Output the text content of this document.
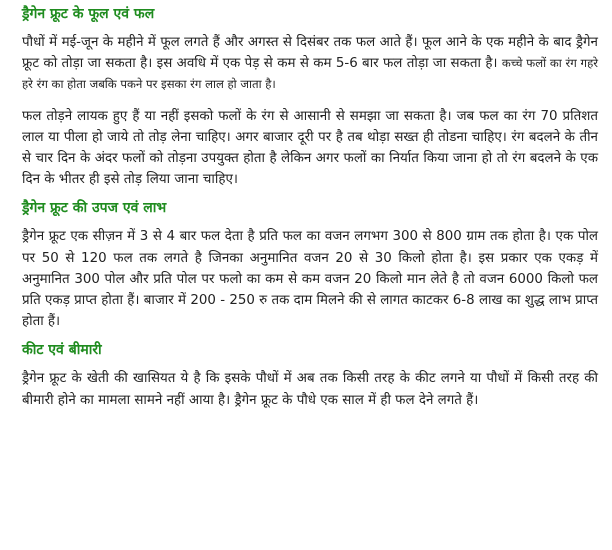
ड्रैगेन फ्रूट के फूल एवं फल

पौधों में मई-जून के महीने में फूल लगते हैं और अगस्त से दिसंबर तक फल आते हैं। फूल आने के एक महीने के बाद ड्रैगेन फ्रूट को तोड़ा जा सकता है। इस अवधि में एक पेड़ से कम से कम 5-6 बार फल तोड़ा जा सकता है। कच्चे फलों का रंग गहरे हरे रंग का होता जबकि पकने पर इसका रंग लाल हो जाता है।

फल तोड़ने लायक हुए हैं या नहीं इसको फलों के रंग से आसानी से समझा जा सकता है। जब फल का रंग 70 प्रतिशत लाल या पीला हो जाये तो तोड़ लेना चाहिए। अगर बाजार दूरी पर है तब थोड़ा सख्त ही तोडना चाहिए। रंग बदलने के तीन से चार दिन के अंदर फलों को तोड़ना उपयुक्त होता है लेकिन अगर फलों का निर्यात किया जाना हो तो रंग बदलने के एक दिन के भीतर ही इसे तोड़ लिया जाना चाहिए।

ड्रैगेन फ्रूट की उपज एवं लाभ

ड्रैगेन फ्रूट एक सीज़न में 3 से 4 बार फल देता है प्रति फल का वजन लगभग 300 से 800 ग्राम तक होता है। एक पोल पर 50 से 120 फल तक लगते है जिनका अनुमानित वजन 20 से 30 किलो होता है। इस प्रकार एक एकड़ में अनुमानित 300 पोल और प्रति पोल पर फलो का कम से कम वजन 20 किलो मान लेते है तो वजन 6000 किलो फल प्रति एकड़ प्राप्त होता हैं। बाजार में 200 - 250 रु तक दाम मिलने की से लागत काटकर 6-8 लाख का शुद्ध लाभ प्राप्त होता हैं।

कीट एवं बीमारी

ड्रैगेन फ्रूट के खेती की खासियत ये है कि इसके पौधों में अब तक किसी तरह के कीट लगने या पौधों में किसी तरह की बीमारी होने का मामला सामने नहीं आया है। ड्रैगेन फ्रूट के पौधे एक साल में ही फल देने लगते हैं।
